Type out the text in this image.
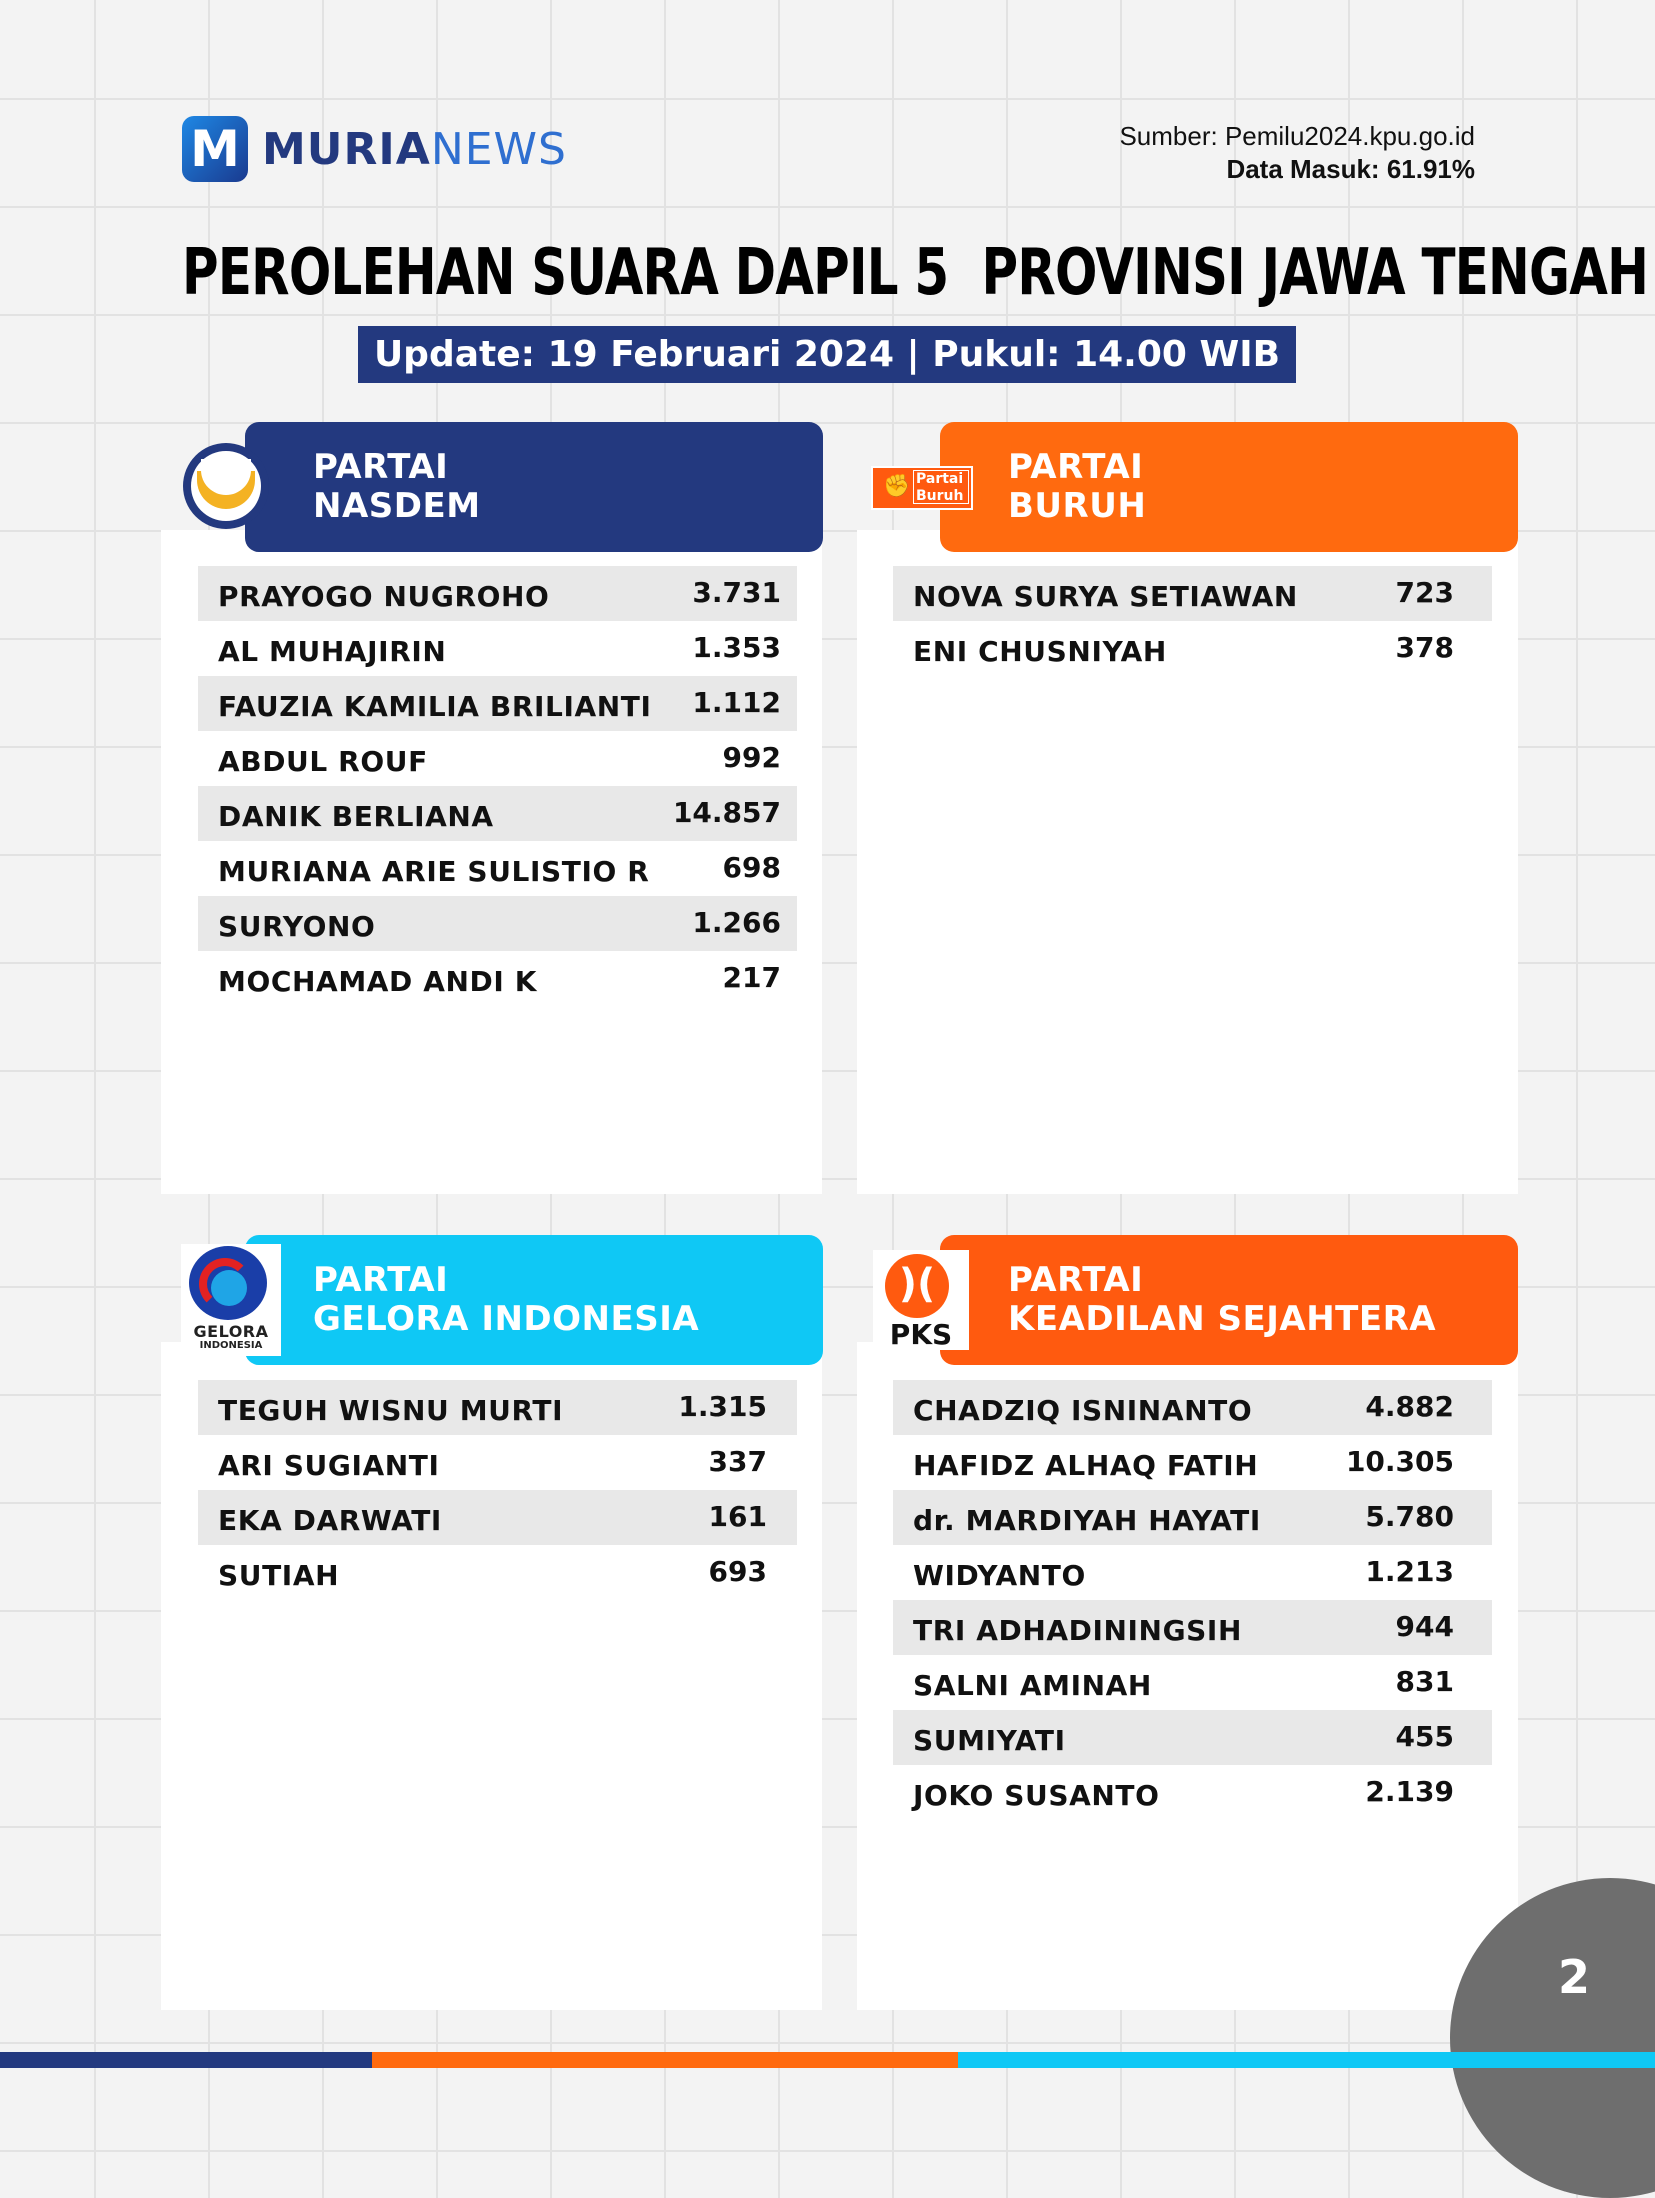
M MURIANEWS	Sumber: Pemilu2024.kpu.go.id
Data Masuk: 61.91%
PEROLEHAN SUARA DAPIL 5  PROVINSI JAWA TENGAH
Update: 19 Februari 2024 | Pukul: 14.00 WIB
PARTAI
NASDEM
PARTAI
BURUH
PARTAI
GELORA INDONESIA
PARTAI
KEADILAN SEJAHTERA
✊ Partai Buruh
GELORA
INDONESIA
)(
PKS
PRAYOGO NUGROHO	3.731
AL MUHAJIRIN	1.353
FAUZIA KAMILIA BRILIANTI 1.112
ABDUL ROUF	992
DANIK BERLIANA	14.857
MURIANA ARIE SULISTIO R	698
SURYONO	1.266
MOCHAMAD ANDI K	217
NOVA SURYA SETIAWAN	723
ENI CHUSNIYAH	378
TEGUH WISNU MURTI	1.315
ARI SUGIANTI	337
EKA DARWATI	161
SUTIAH	693
CHADZIQ ISNINANTO	4.882
HAFIDZ ALHAQ FATIH	10.305
dr. MARDIYAH HAYATI	5.780
WIDYANTO	1.213
TRI ADHADININGSIH	944
SALNI AMINAH	831
SUMIYATI	455
JOKO SUSANTO	2.139
2
